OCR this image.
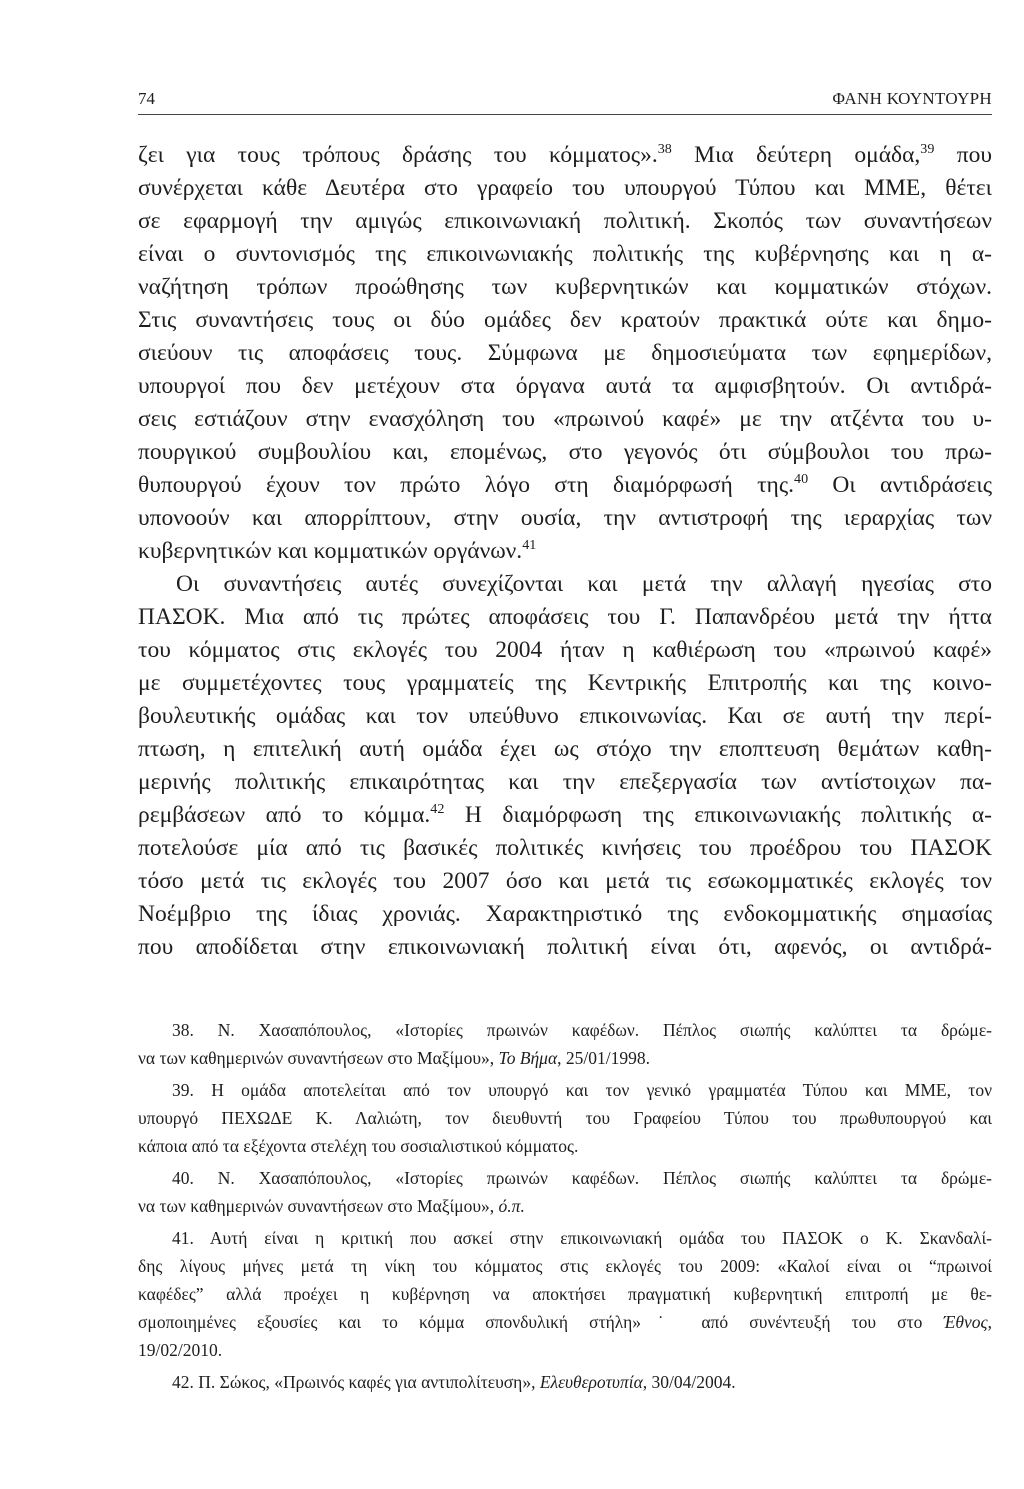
74	ΦΑΝΗ ΚΟΥΝΤΟΥΡΗ
ζει για τους τρόπους δράσης του κόμματος».$^{38}$ Μια δεύτερη ομάδα,$^{39}$ που
συνέρχεται κάθε Δευτέρα στο γραφείο του υπουργού Τύπου και ΜΜΕ, θέτει
σε εφαρμογή την αμιγώς επικοινωνιακή πολιτική. Σκοπός των συναντήσεων
είναι ο συντονισμός της επικοινωνιακής πολιτικής της κυβέρνησης και η α-
ναζήτηση τρόπων προώθησης των κυβερνητικών και κομματικών στόχων.
Στις συναντήσεις τους οι δύο ομάδες δεν κρατούν πρακτικά ούτε και δημο-
σιεύουν τις αποφάσεις τους. Σύμφωνα με δημοσιεύματα των εφημερίδων,
υπουργοί που δεν μετέχουν στα όργανα αυτά τα αμφισβητούν. Οι αντιδρά-
σεις εστιάζουν στην ενασχόληση του «πρωινού καφέ» με την ατζέντα του υ-
πουργικού συμβουλίου και, επομένως, στο γεγονός ότι σύμβουλοι του πρω-
θυπουργού έχουν τον πρώτο λόγο στη διαμόρφωσή της.$^{40}$ Οι αντιδράσεις
υπονοούν και απορρίπτουν, στην ουσία, την αντιστροφή της ιεραρχίας των
κυβερνητικών και κομματικών οργάνων.$^{41}$
Οι συναντήσεις αυτές συνεχίζονται και μετά την αλλαγή ηγεσίας στο
ΠΑΣΟΚ. Μια από τις πρώτες αποφάσεις του Γ. Παπανδρέου μετά την ήττα
του κόμματος στις εκλογές του 2004 ήταν η καθιέρωση του «πρωινού καφέ»
με συμμετέχοντες τους γραμματείς της Κεντρικής Επιτροπής και της κοινο-
βουλευτικής ομάδας και τον υπεύθυνο επικοινωνίας. Και σε αυτή την περί-
πτωση, η επιτελική αυτή ομάδα έχει ως στόχο την εποπτευση θεμάτων καθη-
μερινής πολιτικής επικαιρότητας και την επεξεργασία των αντίστοιχων πα-
ρεμβάσεων από το κόμμα.$^{42}$ Η διαμόρφωση της επικοινωνιακής πολιτικής α-
ποτελούσε μία από τις βασικές πολιτικές κινήσεις του προέδρου του ΠΑΣΟΚ
τόσο μετά τις εκλογές του 2007 όσο και μετά τις εσωκομματικές εκλογές τον
Νοέμβριο της ίδιας χρονιάς. Χαρακτηριστικό της ενδοκομματικής σημασίας
που αποδίδεται στην επικοινωνιακή πολιτική είναι ότι, αφενός, οι αντιδρά-
38. Ν. Χασαπόπουλος, «Ιστορίες πρωινών καφέδων. Πέπλος σιωπής καλύπτει τα δρώμε-
να των καθημερινών συναντήσεων στο Μαξίμου», Το Βήμα, 25/01/1998.
39. Η ομάδα αποτελείται από τον υπουργό και τον γενικό γραμματέα Τύπου και ΜΜΕ, τον
υπουργό ΠΕΧΩΔΕ Κ. Λαλιώτη, τον διευθυντή του Γραφείου Τύπου του πρωθυπουργού και
κάποια από τα εξέχοντα στελέχη του σοσιαλιστικού κόμματος.
40. Ν. Χασαπόπουλος, «Ιστορίες πρωινών καφέδων. Πέπλος σιωπής καλύπτει τα δρώμε-
να των καθημερινών συναντήσεων στο Μαξίμου», ό.π.
41. Αυτή είναι η κριτική που ασκεί στην επικοινωνιακή ομάδα του ΠΑΣΟΚ ο Κ. Σκανδαλί-
δης λίγους μήνες μετά τη νίκη του κόμματος στις εκλογές του 2009: «Καλοί είναι οι “πρωινοί
καφέδες” αλλά προέχει η κυβέρνηση να αποκτήσει πραγματική κυβερνητική επιτροπή με θε-
σμοποιημένες εξουσίες και το κόμμα σπονδυλική στήλη»˙ από συνέντευξή του στο Έθνος,
19/02/2010.
42. Π. Σώκος, «Πρωινός καφές για αντιπολίτευση», Ελευθεροτυπία, 30/04/2004.
